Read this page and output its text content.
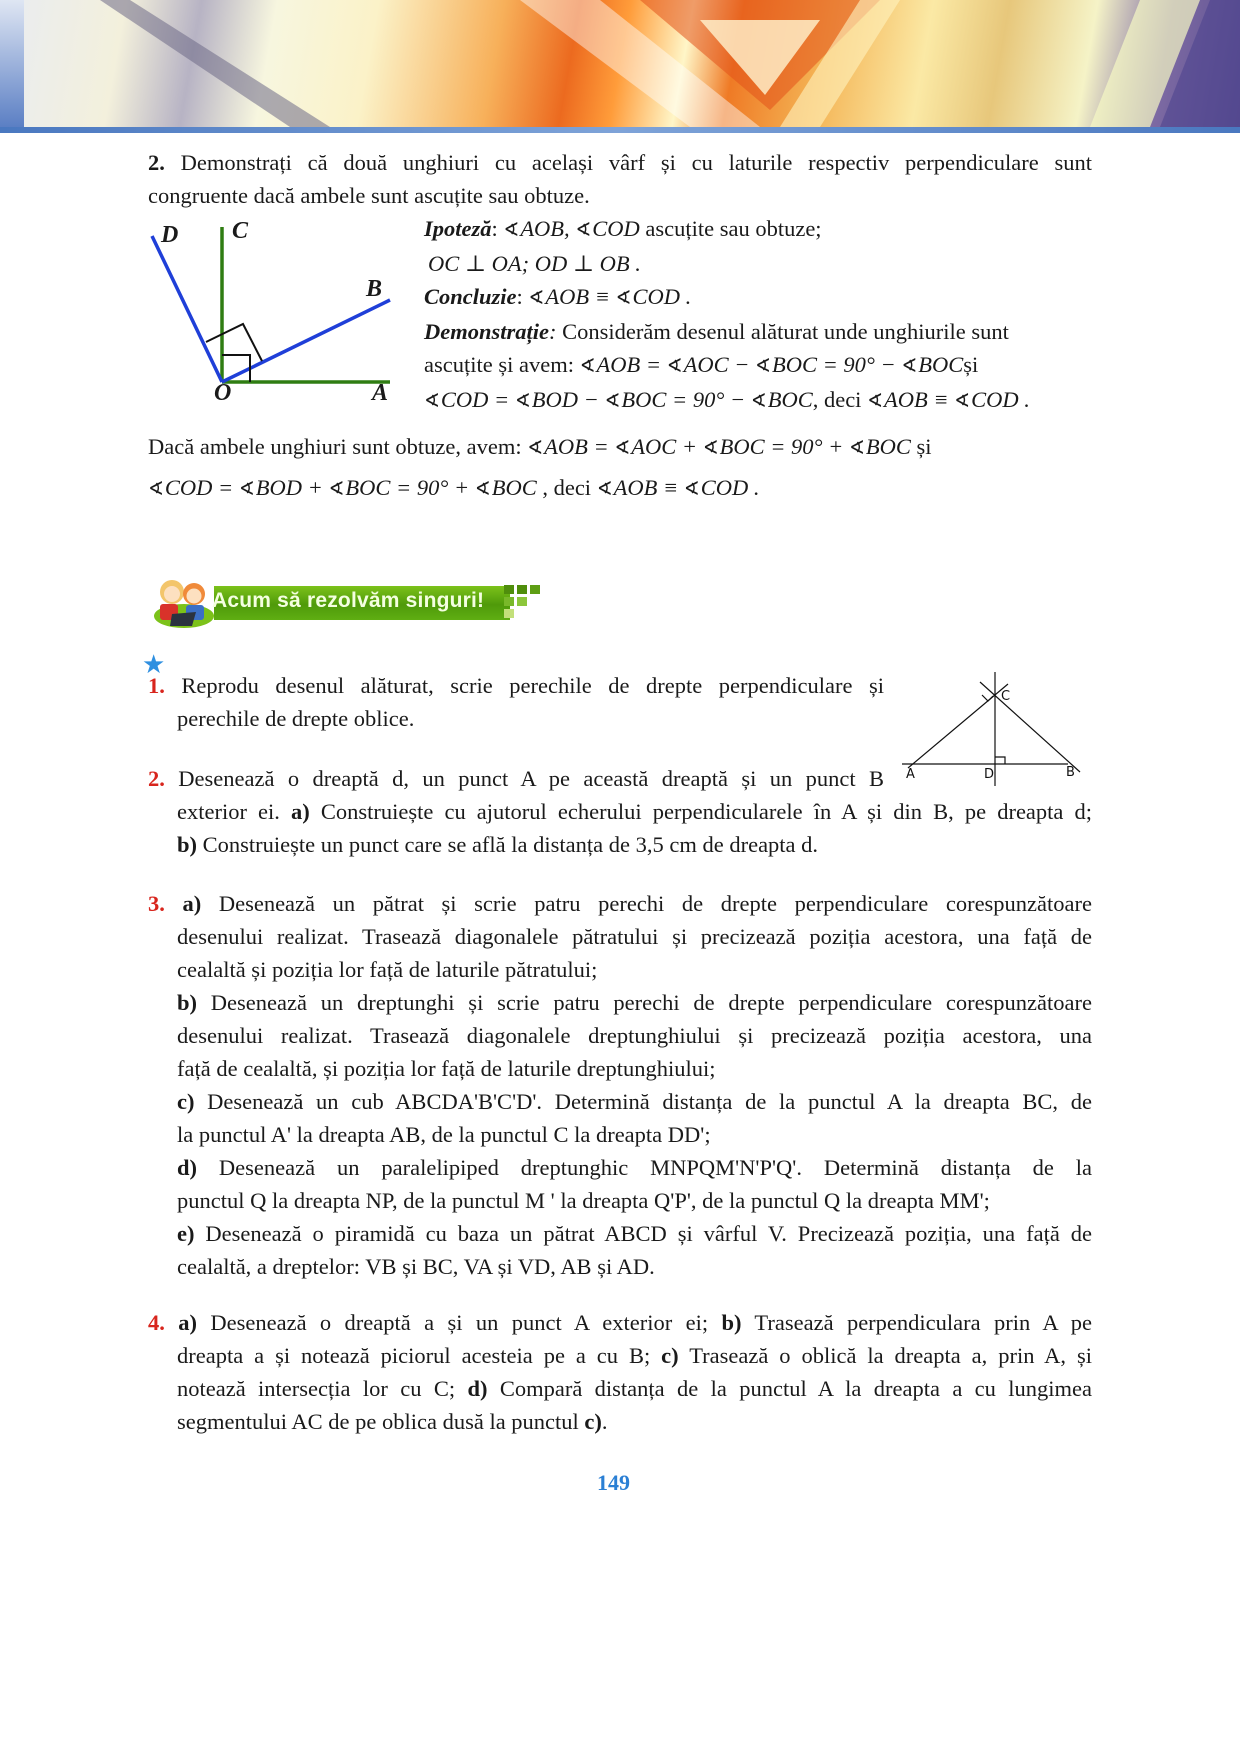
2. Demonstrați că două unghiuri cu același vârf și cu laturile respectiv perpendiculare sunt
congruente dacă ambele sunt ascuțite sau obtuze.
D C
B
O	A
Ipoteză: ∢AOB, ∢COD ascuțite sau obtuze;
OC ⊥ OA; OD ⊥ OB .
Concluzie: ∢AOB ≡ ∢COD .
Demonstrație: Considerăm desenul alăturat unde unghiurile sunt
ascuțite și avem: ∢AOB = ∢AOC − ∢BOC = 90° − ∢BOCși
∢COD = ∢BOD − ∢BOC = 90° − ∢BOC, deci ∢AOB ≡ ∢COD .
Dacă ambele unghiuri sunt obtuze, avem: ∢AOB = ∢AOC + ∢BOC = 90° + ∢BOC și
∢COD = ∢BOD + ∢BOC = 90° + ∢BOC , deci ∢AOB ≡ ∢COD .
Acum să rezolvăm singuri!
★
1. Reprodu desenul alăturat, scrie perechile de drepte perpendiculare și
perechile de drepte oblice.
A	D	B
C
2. Desenează o dreaptă d, un punct A pe această dreaptă și un punct B
exterior ei. a) Construiește cu ajutorul echerului perpendicularele în A și din B, pe dreapta d;
b) Construiește un punct care se află la distanța de 3,5 cm de dreapta d.
3. a) Desenează un pătrat și scrie patru perechi de drepte perpendiculare corespunzătoare
desenului realizat. Trasează diagonalele pătratului și precizează poziția acestora, una față de
cealaltă și poziția lor față de laturile pătratului;
b) Desenează un dreptunghi și scrie patru perechi de drepte perpendiculare corespunzătoare
desenului realizat. Trasează diagonalele dreptunghiului și precizează poziția acestora, una
față de cealaltă, și poziția lor față de laturile dreptunghiului;
c) Desenează un cub ABCDA'B'C'D'. Determină distanța de la punctul A la dreapta BC, de
la punctul A' la dreapta AB, de la punctul C la dreapta DD';
d) Desenează un paralelipiped dreptunghic MNPQM'N'P'Q'. Determină distanța de la
punctul Q la dreapta NP, de la punctul M ' la dreapta Q'P', de la punctul Q la dreapta MM';
e) Desenează o piramidă cu baza un pătrat ABCD și vârful V. Precizează poziția, una față de
cealaltă, a dreptelor: VB și BC, VA și VD, AB și AD.
4. a) Desenează o dreaptă a și un punct A exterior ei; b) Trasează perpendiculara prin A pe
dreapta a și notează piciorul acesteia pe a cu B; c) Trasează o oblică la dreapta a, prin A, și
notează intersecția lor cu C; d) Compară distanța de la punctul A la dreapta a cu lungimea
segmentului AC de pe oblica dusă la punctul c).
149
